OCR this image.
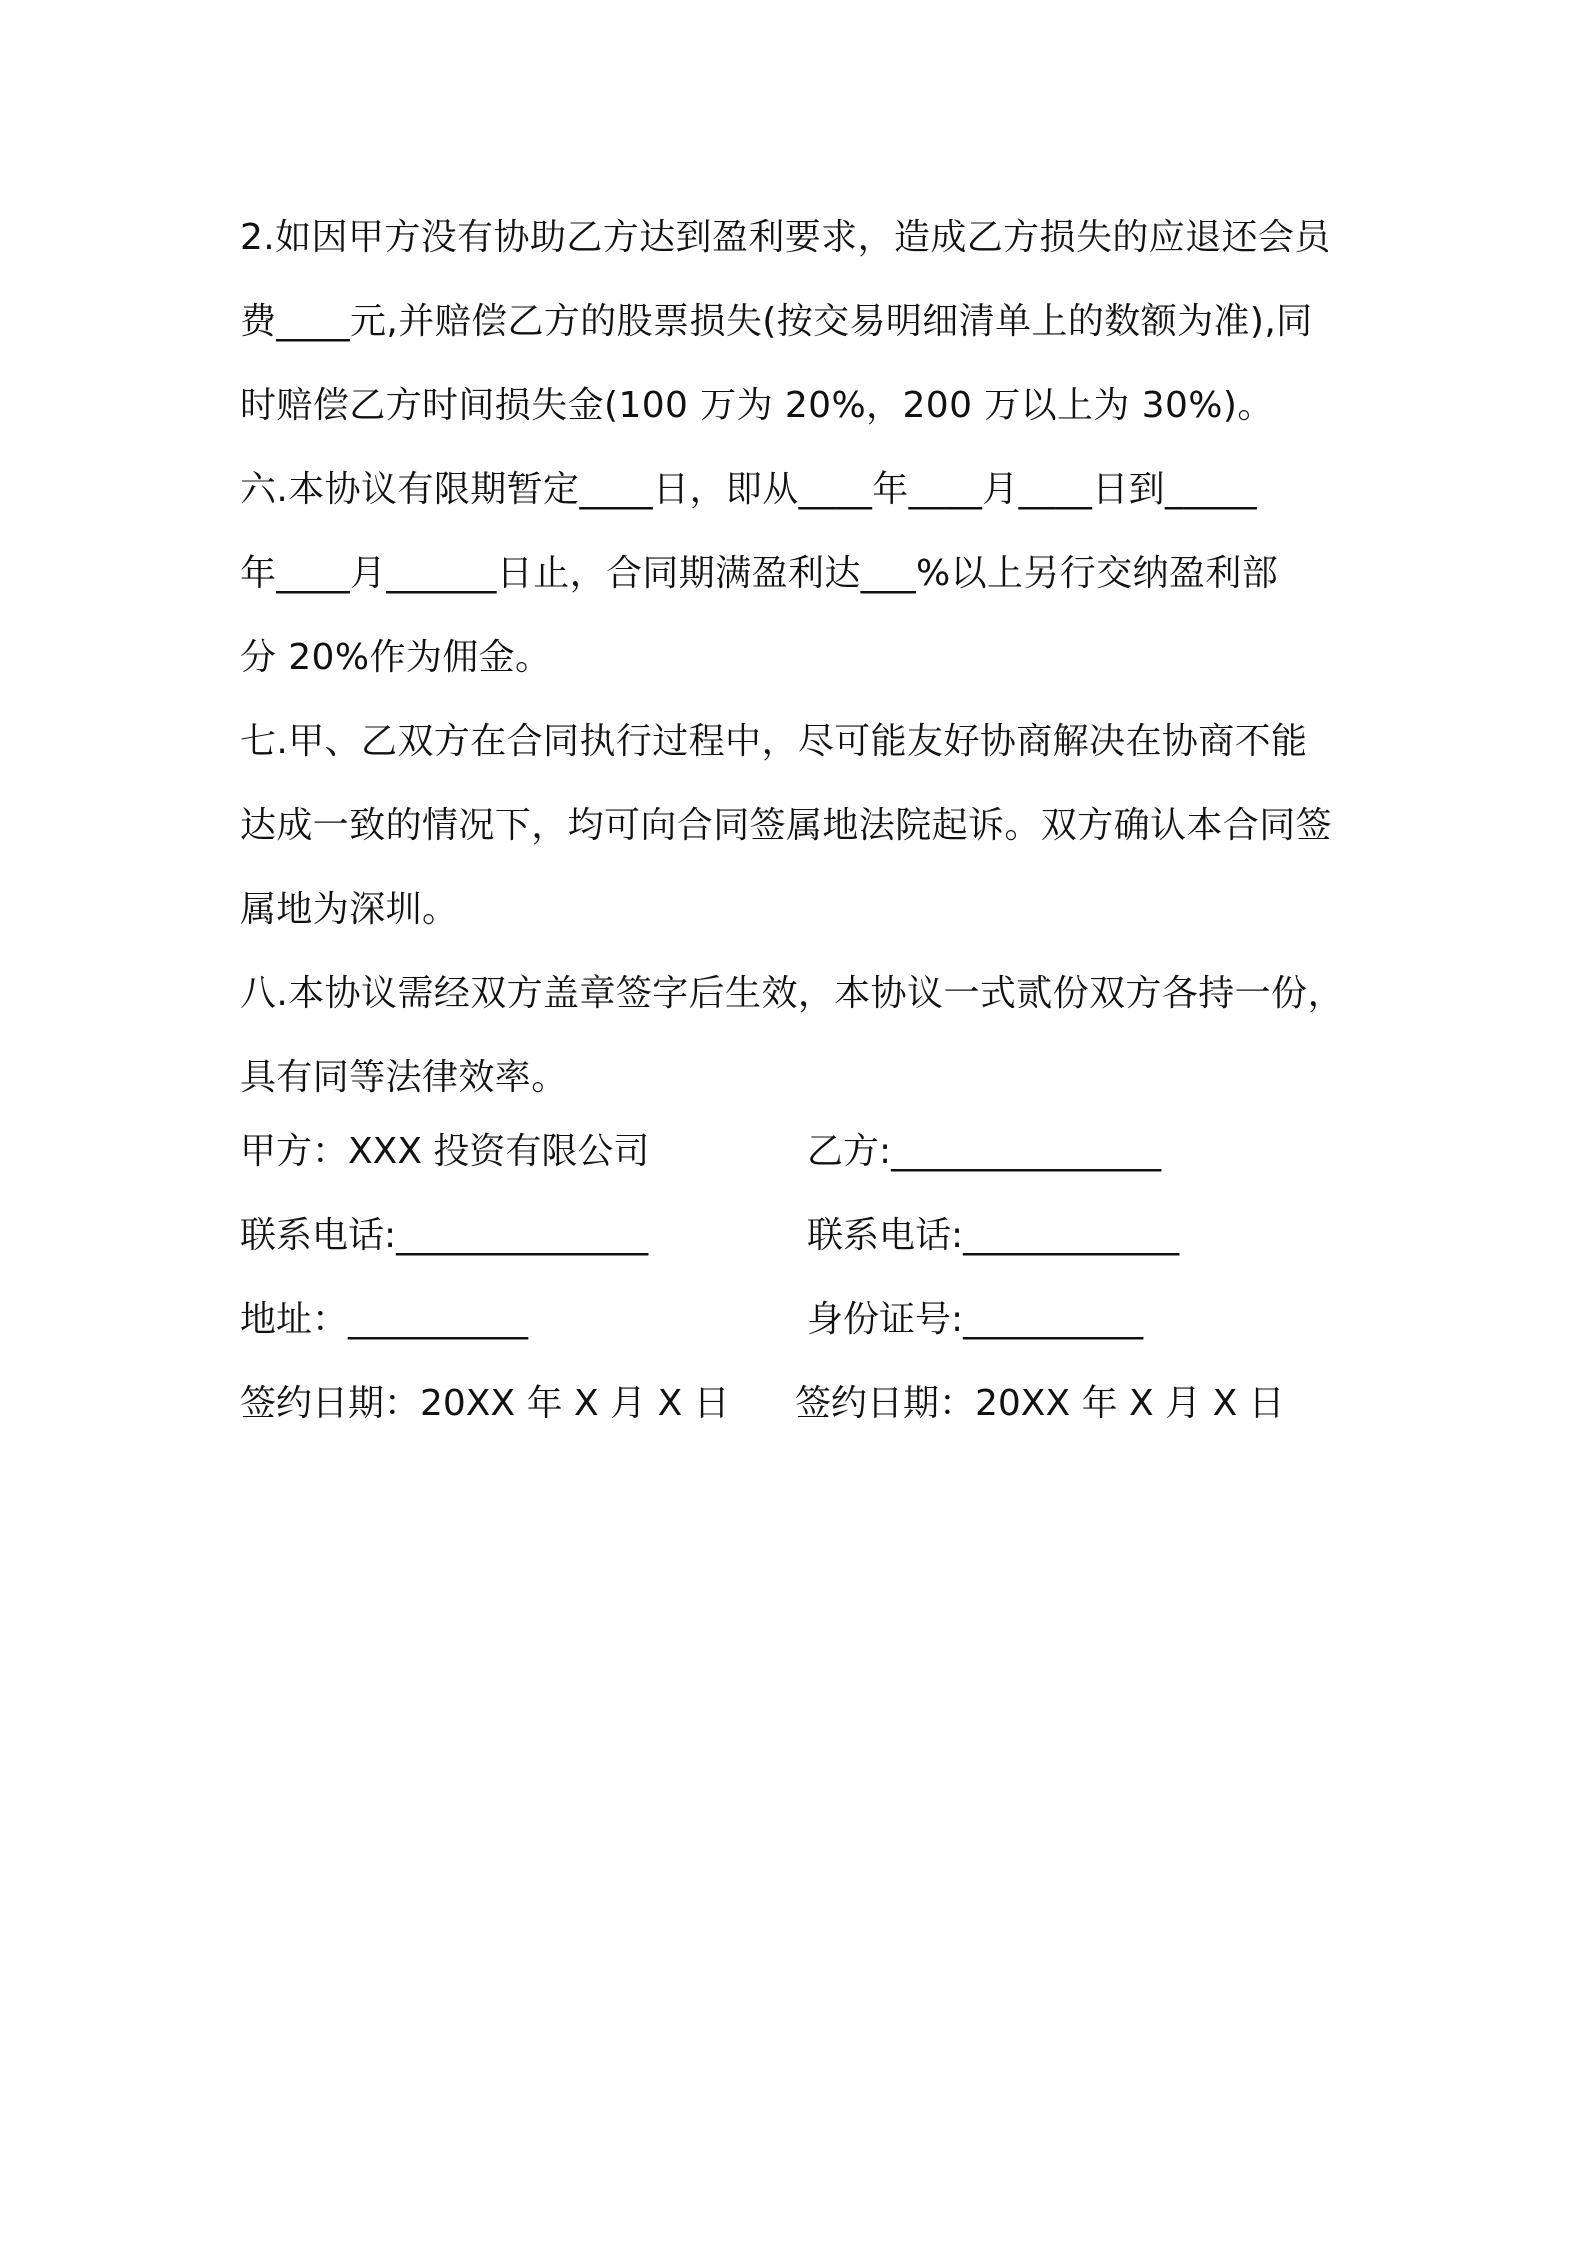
2.如因甲方没有协助乙方达到盈利要求，造成乙方损失的应退还会员
费____元,并赔偿乙方的股票损失(按交易明细清单上的数额为准),同
时赔偿乙方时间损失金(100 万为 20%，200 万以上为 30%)。
六.本协议有限期暂定____日，即从____年____月____日到_____
年____月______日止，合同期满盈利达___%以上另行交纳盈利部
分 20%作为佣金。
七.甲、乙双方在合同执行过程中，尽可能友好协商解决在协商不能
达成一致的情况下，均可向合同签属地法院起诉。双方确认本合同签
属地为深圳。
八.本协议需经双方盖章签字后生效，本协议一式贰份双方各持一份，
具有同等法律效率。
甲方：XXX 投资有限公司	乙方:_______________
联系电话:______________	联系电话:____________
地址：__________	身份证号:__________
签约日期：20XX 年 X 月 X 日 签约日期：20XX 年 X 月 X 日
